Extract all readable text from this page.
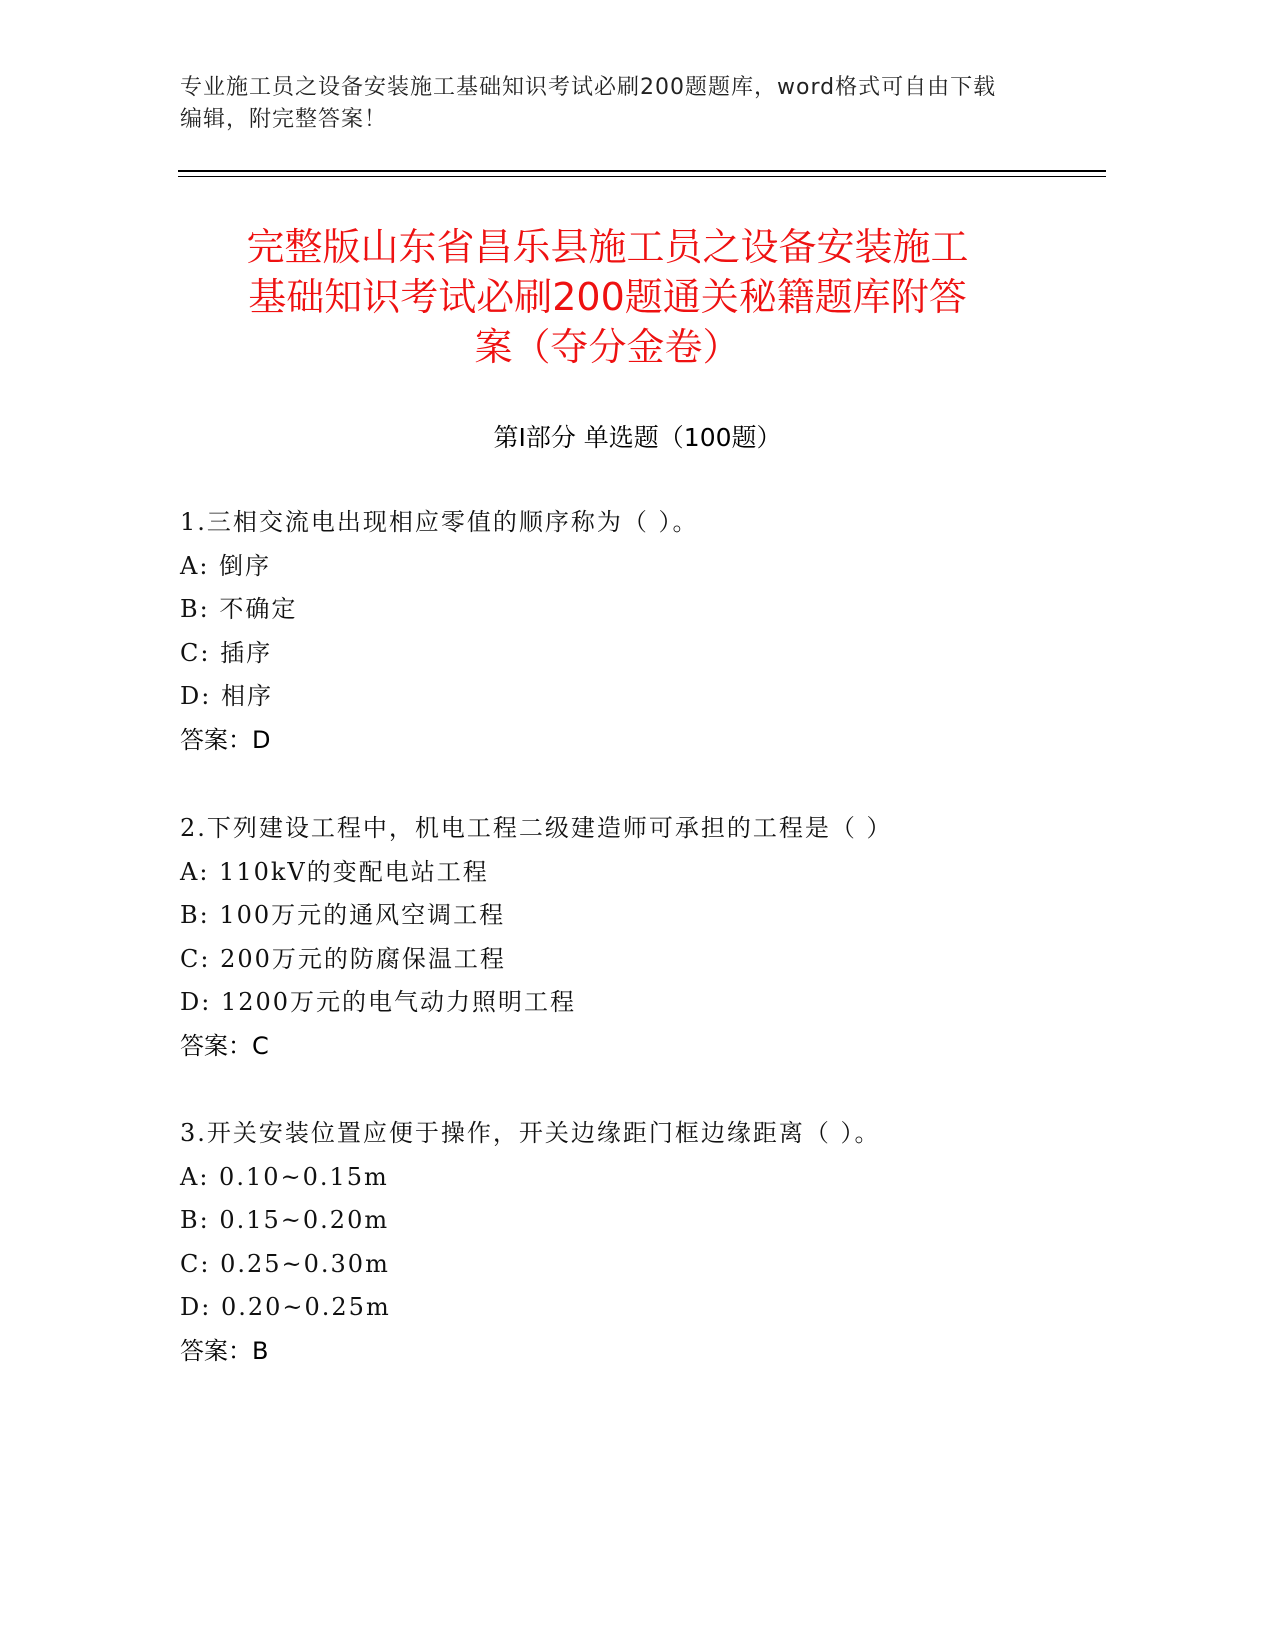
专业施工员之设备安装施工基础知识考试必刷200题题库，word格式可自由下载
编辑，附完整答案！
完整版山东省昌乐县施工员之设备安装施工
基础知识考试必刷200题通关秘籍题库附答
案（夺分金卷）
第Ⅰ部分 单选题（100题）
1.三相交流电出现相应零值的顺序称为（ ）。
A: 倒序
B: 不确定
C: 插序
D: 相序
答案：D
2.下列建设工程中，机电工程二级建造师可承担的工程是（ ）
A: 110kV的变配电站工程
B: 100万元的通风空调工程
C: 200万元的防腐保温工程
D: 1200万元的电气动力照明工程
答案：C
3.开关安装位置应便于操作，开关边缘距门框边缘距离（ ）。
A: 0.10~0.15m
B: 0.15~0.20m
C: 0.25~0.30m
D: 0.20~0.25m
答案：B
